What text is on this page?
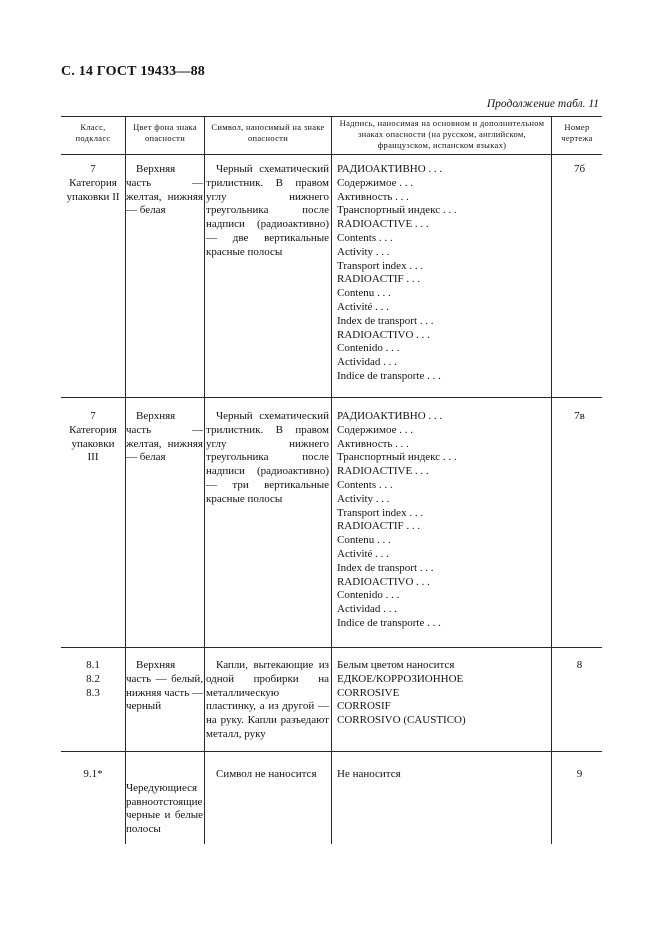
С. 14 ГОСТ 19433—88
Продолжение табл. 11
Класс, подкласс
Цвет фона знака опасности
Символ, наносимый на знаке опасности
Надпись, наносимая на основном и дополнительном знаках опасности (на русском, английском, французском, испанском языках)
Номер чертежа
7
Категория
упаковки II
Верхняя часть — желтая, нижняя — белая
Черный схематический трилистник. В правом углу нижнего треугольника после надписи (радиоактивно) — две вертикальные красные полосы
РАДИОАКТИВНО . . .
Содержимое . . .
Активность . . .
Транспортный индекс . . .
RADIOACTIVE . . .
Contents . . .
Activity . . .
Transport index . . .
RADIOACTIF . . .
Contenu . . .
Activité . . .
Index de transport . . .
RADIOACTIVO . . .
Contenido . . .
Actividad . . .
Indice de transporte . . .
7б
7
Категория
упаковки
III
Верхняя часть — желтая, нижняя — белая
Черный схематический трилистник. В правом углу нижнего треугольника после надписи (радиоактивно) — три вертикальные красные полосы
РАДИОАКТИВНО . . .
Содержимое . . .
Активность . . .
Транспортный индекс . . .
RADIOACTIVE . . .
Contents . . .
Activity . . .
Transport index . . .
RADIOACTIF . . .
Contenu . . .
Activité . . .
Index de transport . . .
RADIOACTIVO . . .
Contenido . . .
Actividad . . .
Indice de transporte . . .
7в
8.1
8.2
8.3
Верхняя часть — белый, нижняя часть — черный
Капли, вытекающие из одной пробирки на металлическую пластинку, а из другой — на руку. Капли разъедают металл, руку
Белым цветом наносится
ЕДКОЕ/КОРРОЗИОННОЕ
CORROSIVE
CORROSIF
CORROSIVO (CAUSTICO)
8
9.1*
Чередующиеся равноотстоящие черные и белые полосы
Символ не наносится	Не наносится	9
